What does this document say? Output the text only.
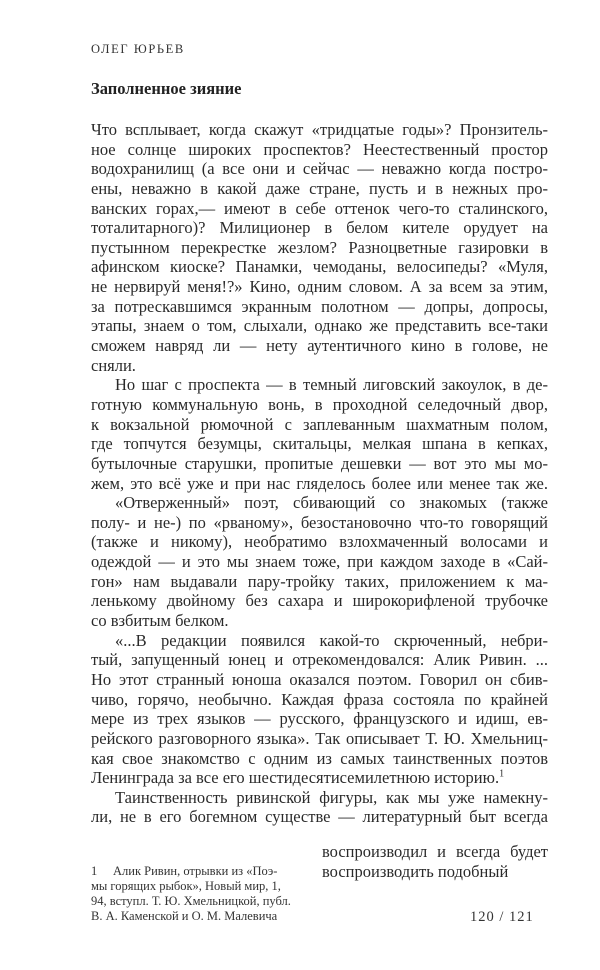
ОЛЕГ ЮРЬЕВ
Заполненное зияние
Что всплывает, когда скажут «тридцатые годы»? Пронзитель-
ное солнце широких проспектов? Неестественный простор
водохранилищ (а все они и сейчас — неважно когда постро-
ены, неважно в какой даже стране, пусть и в нежных про-
ванских горах,— имеют в себе оттенок чего-то сталинского,
тоталитарного)? Милиционер в белом кителе орудует на
пустынном перекрестке жезлом? Разноцветные газировки в
афинском киоске? Панамки, чемоданы, велосипеды? «Муля,
не нервируй меня!?» Кино, одним словом. А за всем за этим,
за потрескавшимся экранным полотном — допры, допросы,
этапы, знаем о том, слыхали, однако же представить все-таки
сможем навряд ли — нету аутентичного кино в голове, не
сняли.
Но шаг с проспекта — в темный лиговский закоулок, в де-
готную коммунальную вонь, в проходной селедочный двор,
к вокзальной рюмочной с заплеванным шахматным полом,
где топчутся безумцы, скитальцы, мелкая шпана в кепках,
бутылочные старушки, пропитые дешевки — вот это мы мо-
жем, это всё уже и при нас гляделось более или менее так же.
«Отверженный» поэт, сбивающий со знакомых (также
полу- и не-) по «рваному», безостановочно что-то говорящий
(также и никому), необратимо взлохмаченный волосами и
одеждой — и это мы знаем тоже, при каждом заходе в «Сай-
гон» нам выдавали пару-тройку таких, приложением к ма-
ленькому двойному без сахара и широкорифленой трубочке
со взбитым белком.
«...В редакции появился какой-то скрюченный, небри-
тый, запущенный юнец и отрекомендовался: Алик Ривин. ...
Но этот странный юноша оказался поэтом. Говорил он сбив-
чиво, горячо, необычно. Каждая фраза состояла по крайней
мере из трех языков — русского, французского и идиш, ев-
рейского разговорного языка». Так описывает Т. Ю. Хмельниц-
кая свое знакомство с одним из самых таинственных поэтов
Ленинграда за все его шестидесятисемилетнюю историю.$^1$
Таинственность ривинской фигуры, как мы уже намекну-
ли, не в его богемном существе — литературный быт всегда
воспроизводил и всегда будет
воспроизводить подобный
1 Алик Ривин, отрывки из «Поэ-
мы горящих рыбок», Новый мир, 1,
94, вступл. Т. Ю. Хмельницкой, публ.
В. А. Каменской и О. М. Малевича	120 / 121
